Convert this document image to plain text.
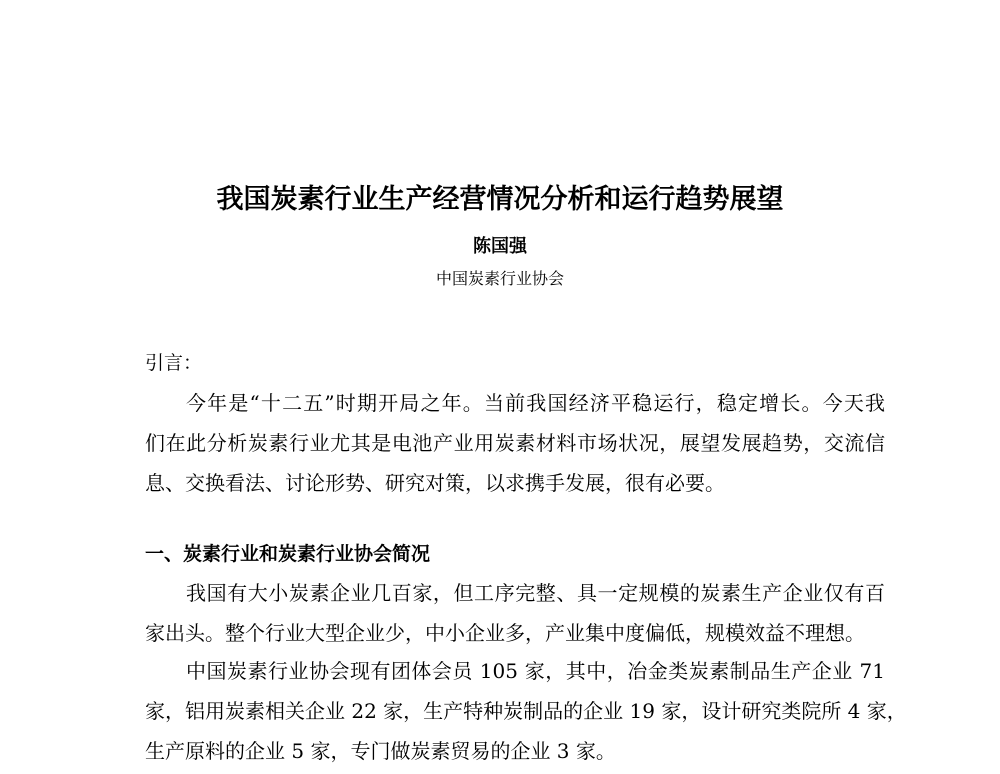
我国炭素行业生产经营情况分析和运行趋势展望
陈国强
中国炭素行业协会
引言：
今年是“十二五”时期开局之年。当前我国经济平稳运行，稳定增长。今天我
们在此分析炭素行业尤其是电池产业用炭素材料市场状况，展望发展趋势，交流信
息、交换看法、讨论形势、研究对策，以求携手发展，很有必要。
一、炭素行业和炭素行业协会简况
我国有大小炭素企业几百家，但工序完整、具一定规模的炭素生产企业仅有百
家出头。整个行业大型企业少，中小企业多，产业集中度偏低，规模效益不理想。
中国炭素行业协会现有团体会员 105 家，其中，冶金类炭素制品生产企业 71
家，铝用炭素相关企业 22 家，生产特种炭制品的企业 19 家，设计研究类院所 4 家，
生产原料的企业 5 家，专门做炭素贸易的企业 3 家。
